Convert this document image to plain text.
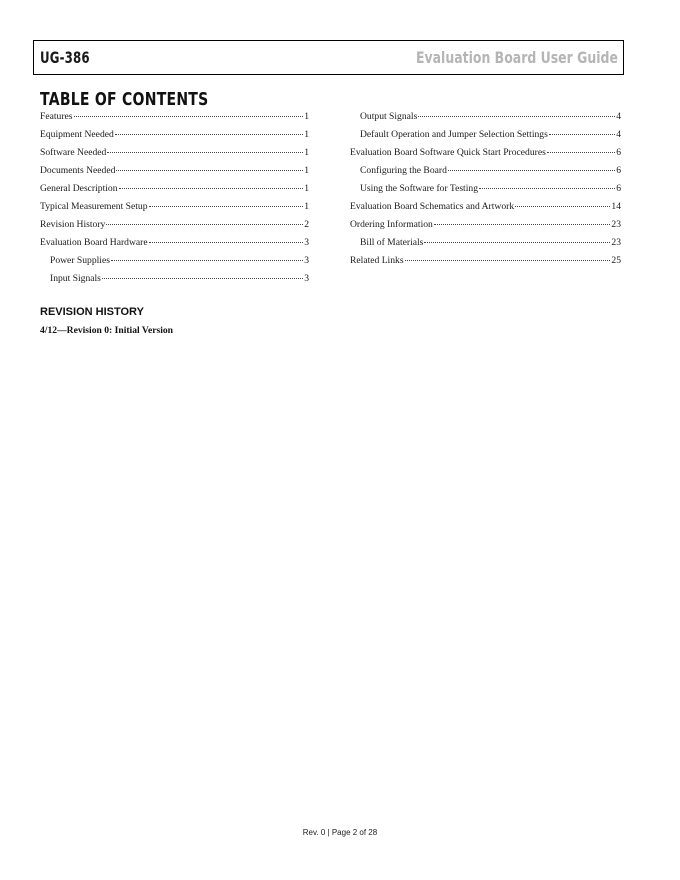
UG-386	Evaluation Board User Guide
TABLE OF CONTENTS
Features	1
Equipment Needed	1
Software Needed	1
Documents Needed	1
General Description	1
Typical Measurement Setup	1
Revision History	2
Evaluation Board Hardware	3
Power Supplies	3
Input Signals	3
Output Signals	4
Default Operation and Jumper Selection Settings	4
Evaluation Board Software Quick Start Procedures	6
Configuring the Board	6
Using the Software for Testing	6
Evaluation Board Schematics and Artwork	14
Ordering Information	23
Bill of Materials	23
Related Links	25
REVISION HISTORY
4/12—Revision 0: Initial Version
Rev. 0 | Page 2 of 28
